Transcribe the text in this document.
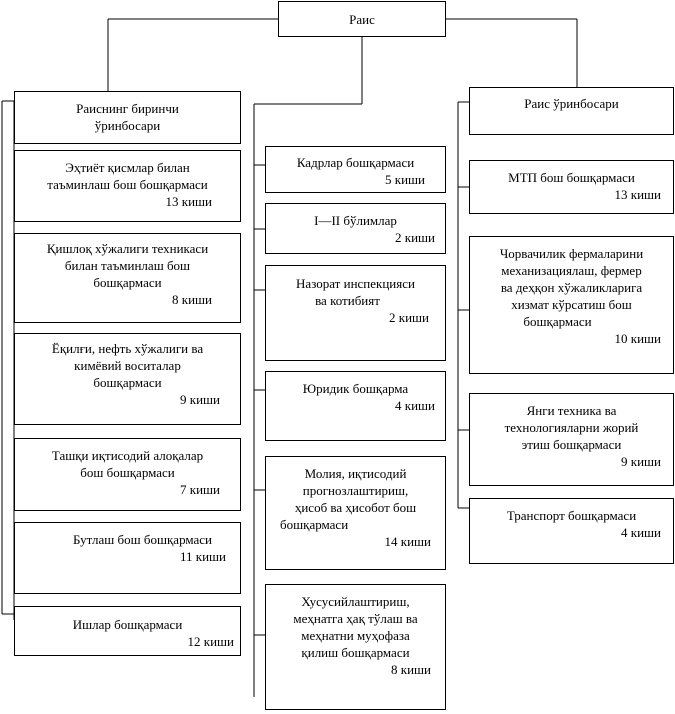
Раис
Раиснинг биринчи
ўринбосари
Эҳтиёт қисмлар билан
таъминлаш бош бошқармаси
13 киши
Қишлоқ хўжалиги техникаси
билан таъминлаш бош
бошқармаси
8 киши
Ёқилғи, нефть хўжалиги ва
кимёвий воситалар
бошқармаси
9 киши
Ташқи иқтисодий алоқалар
бош бошқармаси
7 киши
Бутлаш бош бошқармаси
11 киши
Ишлар бошқармаси
12 киши
Кадрлар бошқармаси
5 киши
I—II бўлимлар
2 киши
Назорат инспекцияси
ва котибият
2 киши
Юридик бошқарма
4 киши
Молия, иқтисодий
прогнозлаштириш,
ҳисоб ва ҳисобот бош
бошқармаси
14 киши
Хусусийлаштириш,
меҳнатга ҳақ тўлаш ва
меҳнатни муҳофаза
қилиш бошқармаси
8 киши
Раис ўринбосари
МТП бош бошқармаси
13 киши
Чорвачилик фермаларини
механизациялаш, фермер
ва деҳқон хўжаликларига
хизмат кўрсатиш бош
бошқармаси
10 киши
Янги техника ва
технологияларни жорий
этиш бошқармаси
9 киши
Транспорт бошқармаси
4 киши
